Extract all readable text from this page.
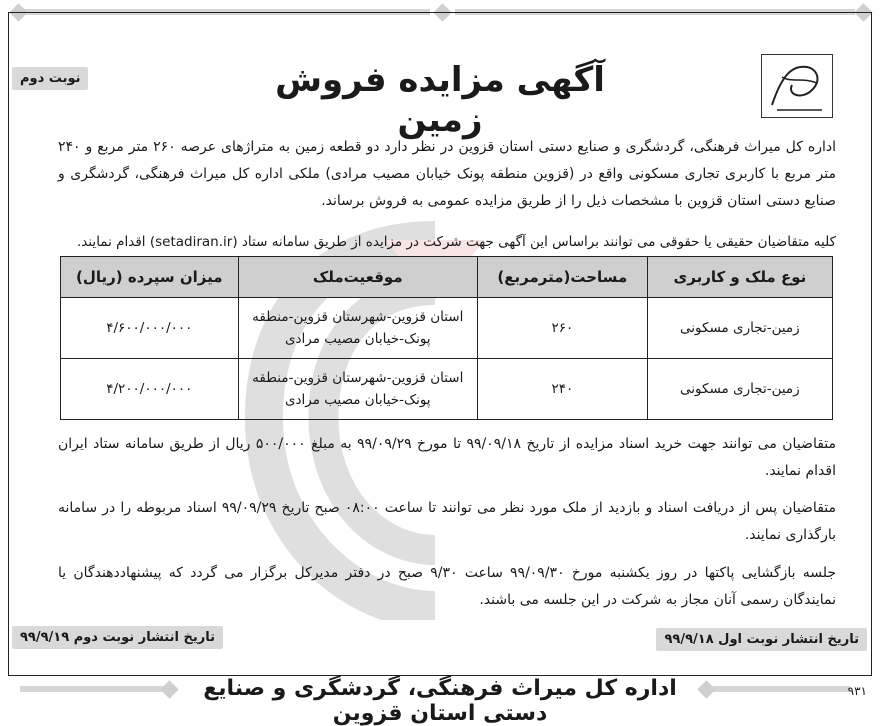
آگهی مزایده فروش زمین
نوبت دوم
اداره کل میراث فرهنگی، گردشگری و صنایع دستی استان قزوین در نظر دارد دو قطعه زمین به متراژهای عرصه ۲۶۰ متر مربع و ۲۴۰ متر مربع با کاربری تجاری مسکونی واقع در (قزوین منطقه پونک خیابان مصیب مرادی) ملکی اداره کل میراث فرهنگی، گردشگری و صنایع دستی استان قزوین با مشخصات ذیل را از طریق مزایده عمومی به فروش برساند.
کلیه متقاضیان حقیقی یا حقوقی می توانند براساس این آگهی جهت شرکت در مزایده از طریق سامانه ستاد (setadiran.ir) اقدام نمایند.
نوع ملک و کاربری	مساحت(مترمربع)	موقعیت‌ملک	میزان سپرده (ریال)
زمین-تجاری مسکونی	۲۶۰	استان قزوین-شهرستان قزوین-منطقه پونک-خیابان مصیب مرادی	۴/۶۰۰/۰۰۰/۰۰۰
زمین-تجاری مسکونی	۲۴۰	استان قزوین-شهرستان قزوین-منطقه پونک-خیابان مصیب مرادی	۴/۲۰۰/۰۰۰/۰۰۰
متقاضیان می توانند جهت خرید اسناد مزایده از تاریخ ۹۹/۰۹/۱۸ تا مورخ ۹۹/۰۹/۲۹ به مبلغ ۵۰۰/۰۰۰ ریال از طریق سامانه ستاد ایران اقدام نمایند.
متقاضیان پس از دریافت اسناد و بازدید از ملک مورد نظر می توانند تا ساعت ۰۸:۰۰ صبح تاریخ ۹۹/۰۹/۲۹ اسناد مربوطه را در سامانه بارگذاری نمایند.
جلسه بازگشایی پاکتها در روز یکشنبه مورخ ۹۹/۰۹/۳۰ ساعت ۹/۳۰ صبح در دفتر مدیرکل برگزار می گردد که پیشنهاددهندگان یا نمایندگان رسمی آنان مجاز به شرکت در این جلسه می باشند.
تاریخ انتشار نوبت اول ۹۹/۹/۱۸
تاریخ انتشار نوبت دوم ۹۹/۹/۱۹
اداره کل میراث فرهنگی، گردشگری و صنایع دستی استان قزوین
۹۳۱
